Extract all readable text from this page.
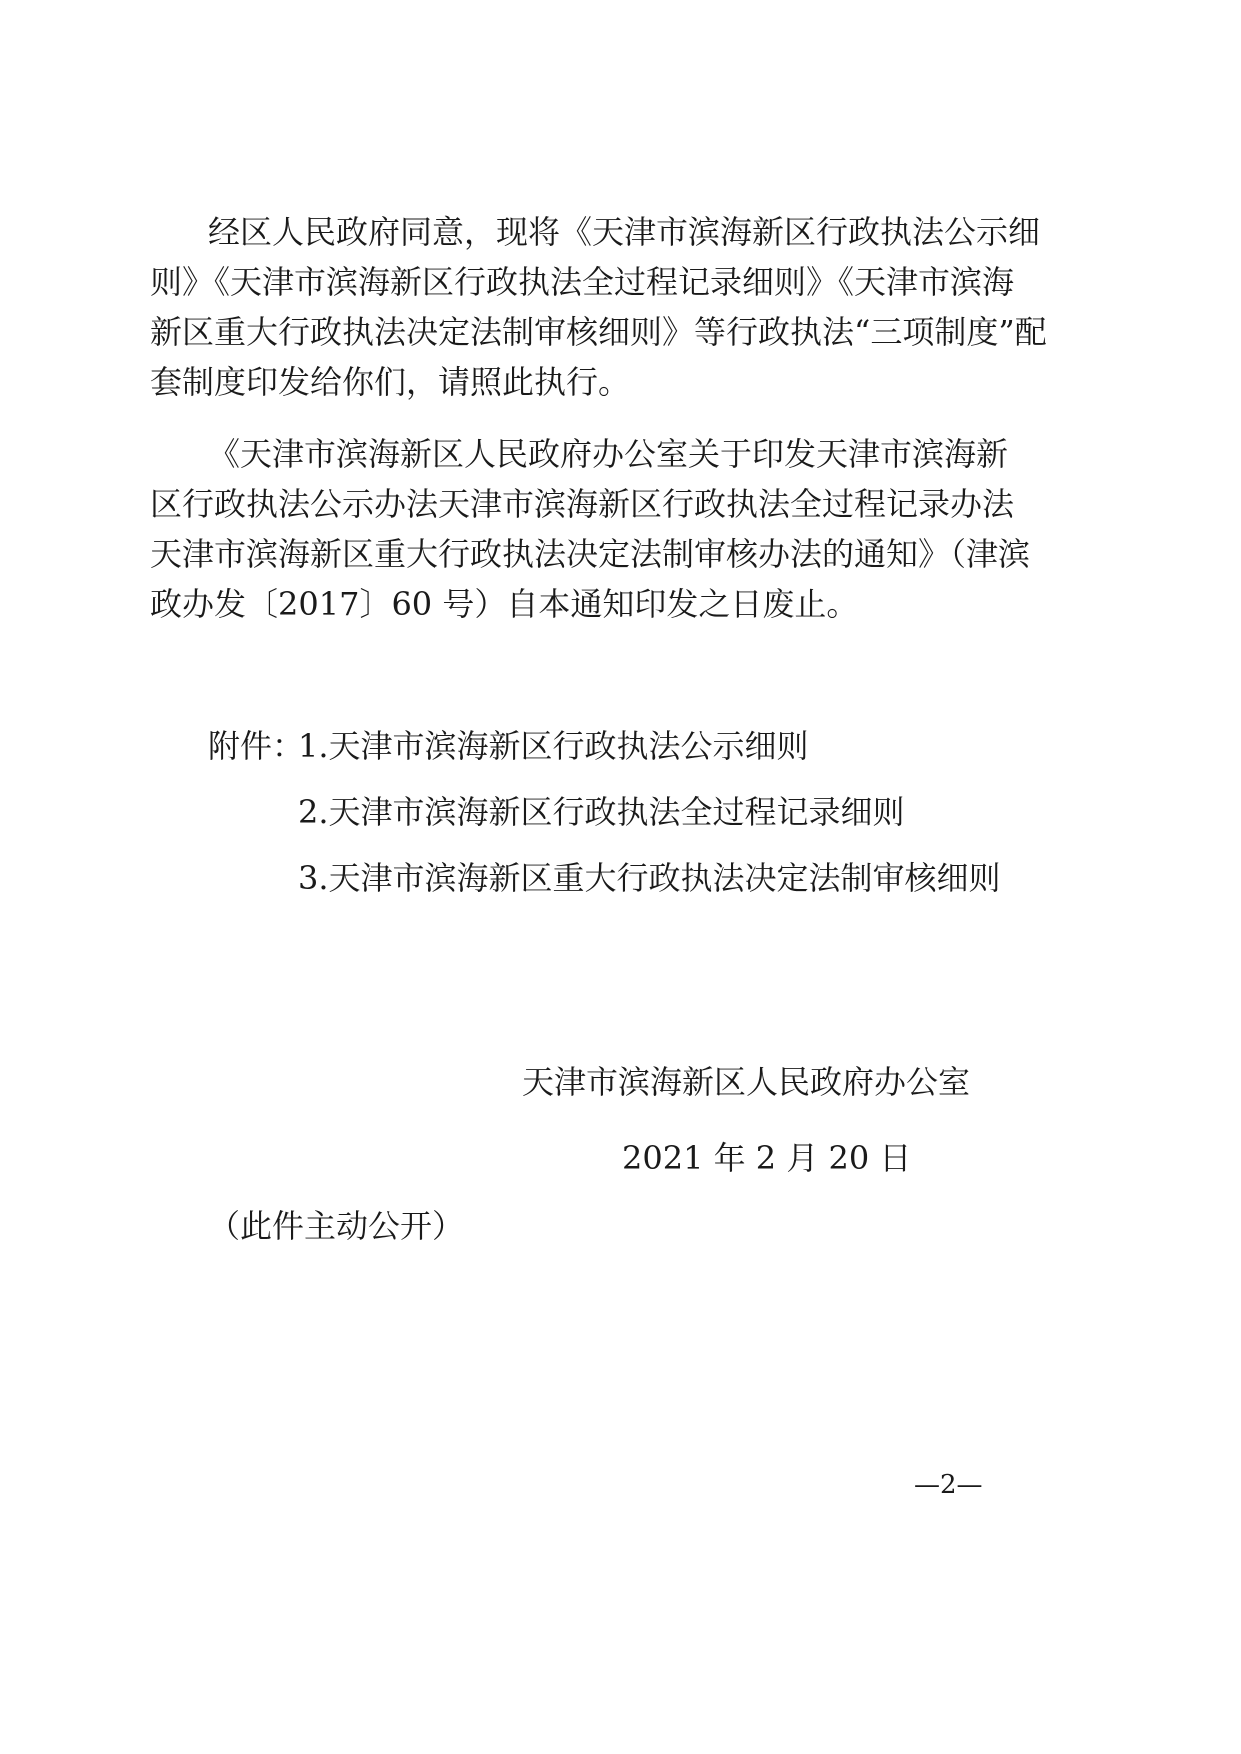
经区人民政府同意，现将《天津市滨海新区行政执法公示细
则》《天津市滨海新区行政执法全过程记录细则》《天津市滨海
新区重大行政执法决定法制审核细则》等行政执法“三项制度”配
套制度印发给你们，请照此执行。
《天津市滨海新区人民政府办公室关于印发天津市滨海新
区行政执法公示办法天津市滨海新区行政执法全过程记录办法
天津市滨海新区重大行政执法决定法制审核办法的通知》（津滨
政办发〔2017〕60 号）自本通知印发之日废止。
附件：
1.天津市滨海新区行政执法公示细则
2.天津市滨海新区行政执法全过程记录细则
3.天津市滨海新区重大行政执法决定法制审核细则
天津市滨海新区人民政府办公室
2021 年 2 月 20 日
（此件主动公开）
—2—
